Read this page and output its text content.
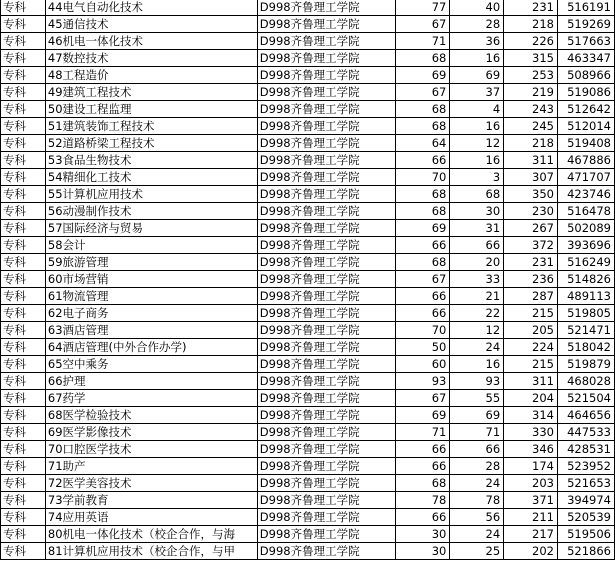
专科	44电气自动化技术	D998齐鲁理工学院	77	40	231	516191
专科	45通信技术	D998齐鲁理工学院	67	28	218	519269
专科	46机电一体化技术	D998齐鲁理工学院	71	36	226	517663
专科	47数控技术	D998齐鲁理工学院	68	16	315	463347
专科	48工程造价	D998齐鲁理工学院	69	69	253	508966
专科	49建筑工程技术	D998齐鲁理工学院	67	37	219	519086
专科	50建设工程监理	D998齐鲁理工学院	68	4	243	512642
专科	51建筑装饰工程技术	D998齐鲁理工学院	68	16	245	512014
专科	52道路桥梁工程技术	D998齐鲁理工学院	64	12	218	519408
专科	53食品生物技术	D998齐鲁理工学院	66	16	311	467886
专科	54精细化工技术	D998齐鲁理工学院	70	3	307	471707
专科	55计算机应用技术	D998齐鲁理工学院	68	68	350	423746
专科	56动漫制作技术	D998齐鲁理工学院	68	30	230	516478
专科	57国际经济与贸易	D998齐鲁理工学院	69	31	267	502089
专科	58会计	D998齐鲁理工学院	66	66	372	393696
专科	59旅游管理	D998齐鲁理工学院	68	20	231	516249
专科	60市场营销	D998齐鲁理工学院	67	33	236	514826
专科	61物流管理	D998齐鲁理工学院	66	21	287	489113
专科	62电子商务	D998齐鲁理工学院	66	22	215	519805
专科	63酒店管理	D998齐鲁理工学院	70	12	205	521471
专科	64酒店管理(中外合作办学)	D998齐鲁理工学院	50	24	224	518042
专科	65空中乘务	D998齐鲁理工学院	60	16	215	519879
专科	66护理	D998齐鲁理工学院	93	93	311	468028
专科	67药学	D998齐鲁理工学院	67	55	204	521504
专科	68医学检验技术	D998齐鲁理工学院	69	69	314	464656
专科	69医学影像技术	D998齐鲁理工学院	71	71	330	447533
专科	70口腔医学技术	D998齐鲁理工学院	66	66	346	428531
专科	71助产	D998齐鲁理工学院	66	28	174	523952
专科	72医学美容技术	D998齐鲁理工学院	68	24	203	521653
专科	73学前教育	D998齐鲁理工学院	78	78	371	394974
专科	74应用英语	D998齐鲁理工学院	66	56	211	520539
专科	80机电一体化技术（校企合作，与海	D998齐鲁理工学院	30	24	217	519506
专科	81计算机应用技术（校企合作，与甲	D998齐鲁理工学院	30	25	202	521866
